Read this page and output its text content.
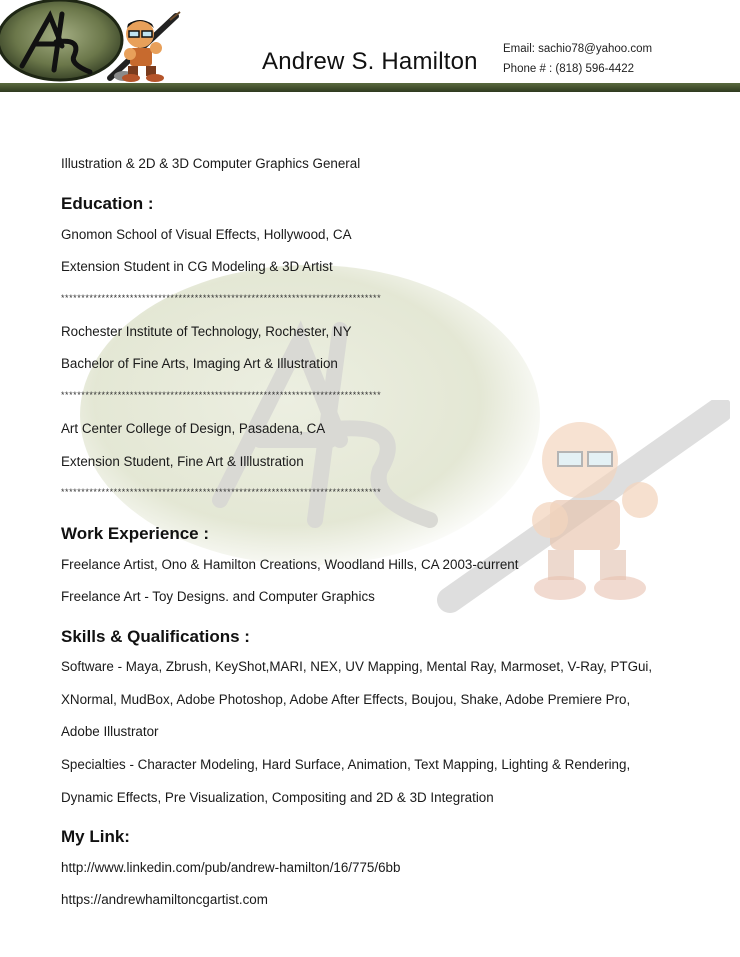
Andrew S. Hamilton Email: sachio78@yahoo.com
Phone # : (818) 596-4422
Illustration & 2D & 3D Computer Graphics General
Education :
Gnomon School of Visual Effects, Hollywood, CA
Extension Student in CG Modeling & 3D Artist
*******************************************************************************
Rochester Institute of Technology, Rochester, NY
Bachelor of Fine Arts, Imaging Art & Illustration
*******************************************************************************
Art Center College of Design, Pasadena, CA
Extension Student, Fine Art & Illlustration
*******************************************************************************
Work Experience :
Freelance Artist, Ono & Hamilton Creations, Woodland Hills, CA 2003-current
Freelance Art - Toy Designs. and Computer Graphics
Skills & Qualifications :
Software - Maya, Zbrush, KeyShot,MARI, NEX, UV Mapping, Mental Ray, Marmoset, V-Ray, PTGui,
XNormal, MudBox, Adobe Photoshop, Adobe After Effects, Boujou, Shake, Adobe Premiere Pro,
Adobe Illustrator
Specialties - Character Modeling, Hard Surface, Animation, Text Mapping, Lighting & Rendering,
Dynamic Effects, Pre Visualization, Compositing and 2D & 3D Integration
My Link:
http://www.linkedin.com/pub/andrew-hamilton/16/775/6bb
https://andrewhamiltoncgartist.com
